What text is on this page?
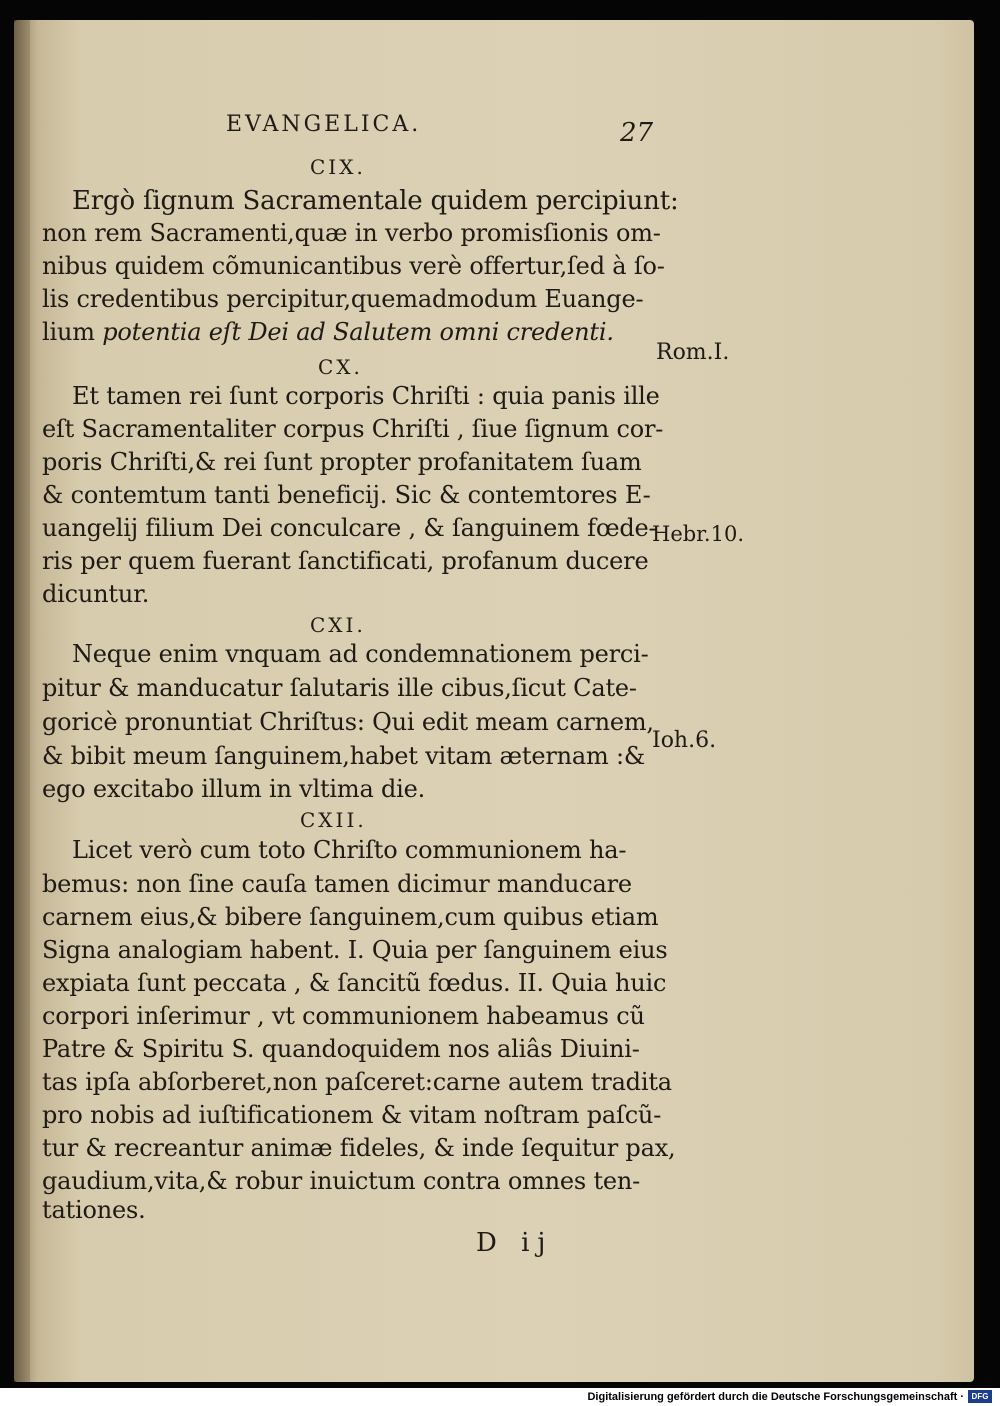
EVANGELICA.	27
CIX.
Ergò ſignum Sacramentale quidem percipiunt:
non rem Sacramenti,quæ in verbo promisſionis om-
nibus quidem cõmunicantibus verè offertur,ſed à ſo-
lis credentibus percipitur,quemadmodum Euange-
lium potentia eſt Dei ad Salutem omni credenti.
CX.
Et tamen rei ſunt corporis Chriſti : quia panis ille
eſt Sacramentaliter corpus Chriſti , ſiue ſignum cor-
poris Chriſti,& rei ſunt propter profanitatem ſuam
& contemtum tanti beneficij. Sic & contemtores E-
uangelij filium Dei conculcare , & ſanguinem fœde-
ris per quem fuerant ſanctificati, profanum ducere
dicuntur.
CXI.
Neque enim vnquam ad condemnationem perci-
pitur & manducatur ſalutaris ille cibus,ſicut Cate-
goricè pronuntiat Chriſtus: Qui edit meam carnem,
& bibit meum ſanguinem,habet vitam æternam :&
ego excitabo illum in vltima die.
CXII.
Licet verò cum toto Chriſto communionem ha-
bemus: non ſine cauſa tamen dicimur manducare
carnem eius,& bibere ſanguinem,cum quibus etiam
Signa analogiam habent. I. Quia per ſanguinem eius
expiata ſunt peccata , & ſancitũ fœdus. II. Quia huic
corpori inſerimur , vt communionem habeamus cũ
Patre & Spiritu S. quandoquidem nos aliâs Diuini-
tas ipſa abſorberet,non paſceret:carne autem tradita
pro nobis ad iuſtificationem & vitam noſtram paſcũ-
tur & recreantur animæ fideles, & inde ſequitur pax,
gaudium,vita,& robur inuictum contra omnes ten-
tationes.
Rom.I.
Hebr.10.
Ioh.6.
D ij
Digitalisierung gefördert durch die Deutsche Forschungsgemeinschaft · DFG
